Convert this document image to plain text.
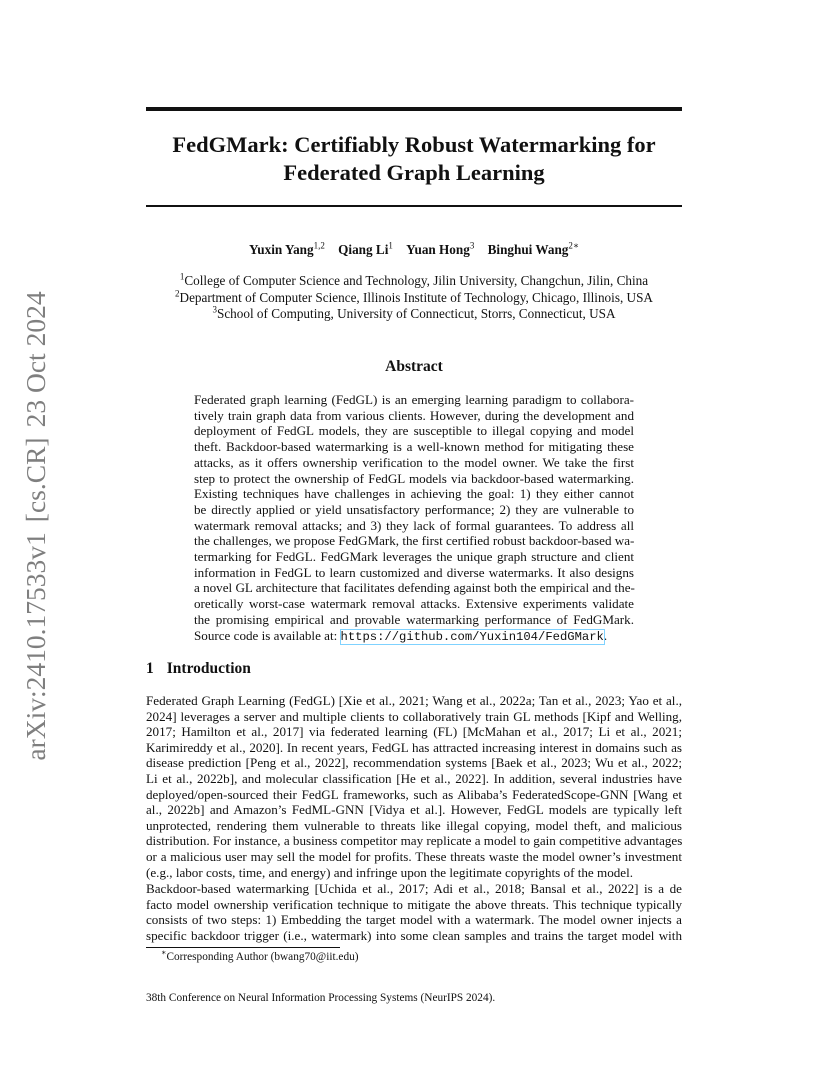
arXiv:2410.17533v1
[cs.CR]
23 Oct 2024
FedGMark: Certifiably Robust Watermarking for
Federated Graph Learning
Yuxin Yang$^{1,2}$ Qiang Li$^1$ Yuan Hong$^3$ Binghui Wang$^{2∗}$
$^1$College of Computer Science and Technology, Jilin University, Changchun, Jilin, China
$^2$Department of Computer Science, Illinois Institute of Technology, Chicago, Illinois, USA
$^3$School of Computing, University of Connecticut, Storrs, Connecticut, USA
Abstract
Federated graph learning (FedGL) is an emerging learning paradigm to collabora-
tively train graph data from various clients. However, during the development and
deployment of FedGL models, they are susceptible to illegal copying and model
theft. Backdoor-based watermarking is a well-known method for mitigating these
attacks, as it offers ownership verification to the model owner. We take the first
step to protect the ownership of FedGL models via backdoor-based watermarking.
Existing techniques have challenges in achieving the goal: 1) they either cannot
be directly applied or yield unsatisfactory performance; 2) they are vulnerable to
watermark removal attacks; and 3) they lack of formal guarantees. To address all
the challenges, we propose FedGMark, the first certified robust backdoor-based wa-
termarking for FedGL. FedGMark leverages the unique graph structure and client
information in FedGL to learn customized and diverse watermarks. It also designs
a novel GL architecture that facilitates defending against both the empirical and the-
oretically worst-case watermark removal attacks. Extensive experiments validate
the promising empirical and provable watermarking performance of FedGMark.
Source code is available at: https://github.com/Yuxin104/FedGMark.
1 Introduction
Federated Graph Learning (FedGL) [Xie et al., 2021; Wang et al., 2022a; Tan et al., 2023; Yao et al.,
2024] leverages a server and multiple clients to collaboratively train GL methods [Kipf and Welling,
2017; Hamilton et al., 2017] via federated learning (FL) [McMahan et al., 2017; Li et al., 2021;
Karimireddy et al., 2020]. In recent years, FedGL has attracted increasing interest in domains such as
disease prediction [Peng et al., 2022], recommendation systems [Baek et al., 2023; Wu et al., 2022;
Li et al., 2022b], and molecular classification [He et al., 2022]. In addition, several industries have
deployed/open-sourced their FedGL frameworks, such as Alibaba’s FederatedScope-GNN [Wang et
al., 2022b] and Amazon’s FedML-GNN [Vidya et al.]. However, FedGL models are typically left
unprotected, rendering them vulnerable to threats like illegal copying, model theft, and malicious
distribution. For instance, a business competitor may replicate a model to gain competitive advantages
or a malicious user may sell the model for profits. These threats waste the model owner’s investment
(e.g., labor costs, time, and energy) and infringe upon the legitimate copyrights of the model.
Backdoor-based watermarking [Uchida et al., 2017; Adi et al., 2018; Bansal et al., 2022] is a de
facto model ownership verification technique to mitigate the above threats. This technique typically
consists of two steps: 1) Embedding the target model with a watermark. The model owner injects a
specific backdoor trigger (i.e., watermark) into some clean samples and trains the target model with
∗Corresponding Author (bwang70@iit.edu)
38th Conference on Neural Information Processing Systems (NeurIPS 2024).
